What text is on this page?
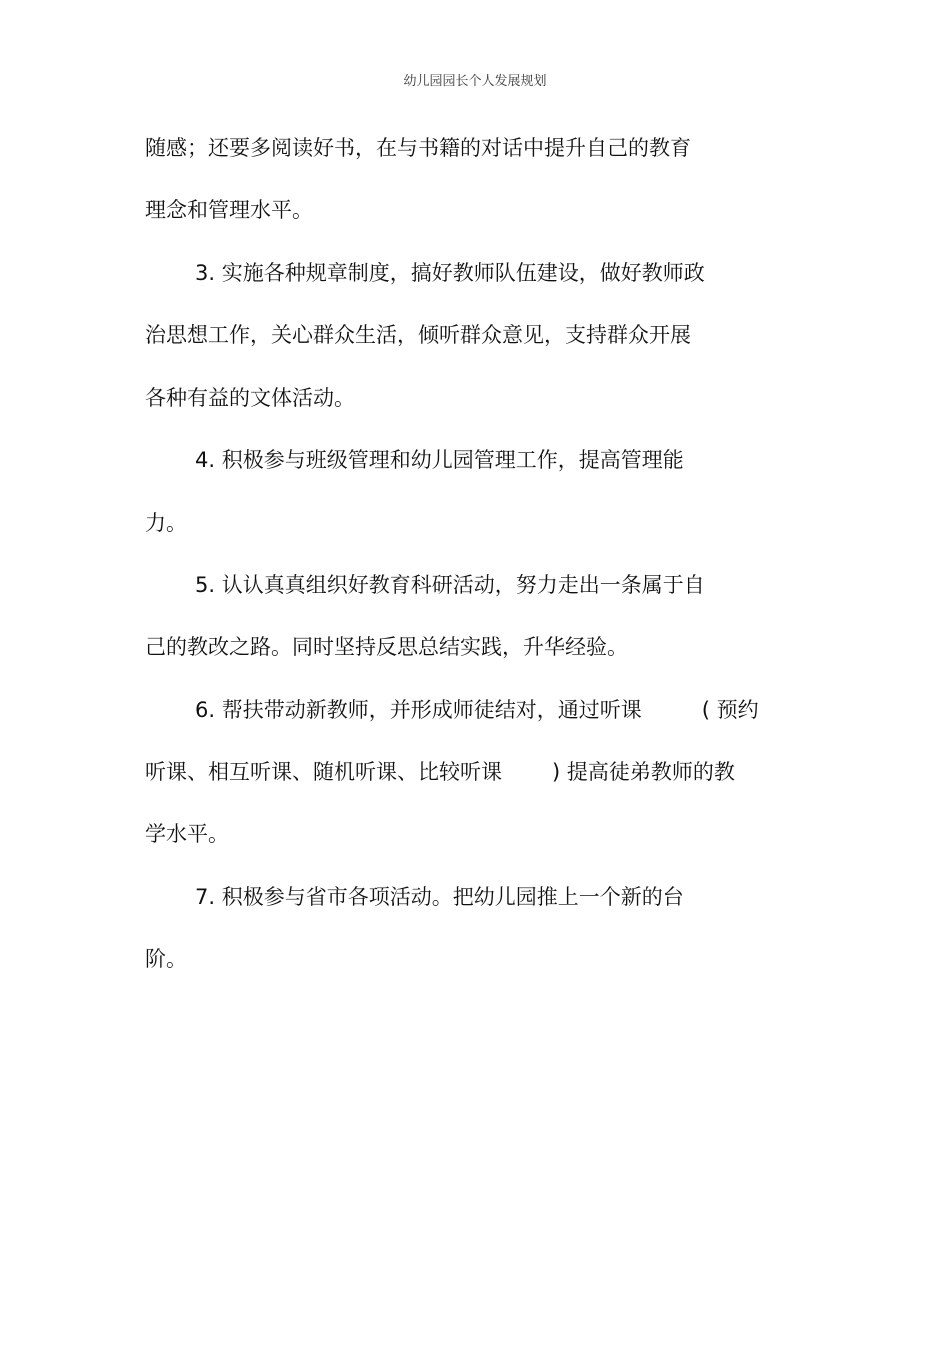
幼儿园园长个人发展规划
随感；还要多阅读好书，在与书籍的对话中提升自己的教育
理念和管理水平。
3. 实施各种规章制度，搞好教师队伍建设，做好教师政
治思想工作，关心群众生活，倾听群众意见，支持群众开展
各种有益的文体活动。
4. 积极参与班级管理和幼儿园管理工作，提高管理能
力。
5. 认认真真组织好教育科研活动，努力走出一条属于自
己的教改之路。同时坚持反思总结实践，升华经验。
6. 帮扶带动新教师，并形成师徒结对，通过听课	( 预约
听课、相互听课、随机听课、比较听课 ) 提高徒弟教师的教
学水平。
7. 积极参与省市各项活动。把幼儿园推上一个新的台
阶。
